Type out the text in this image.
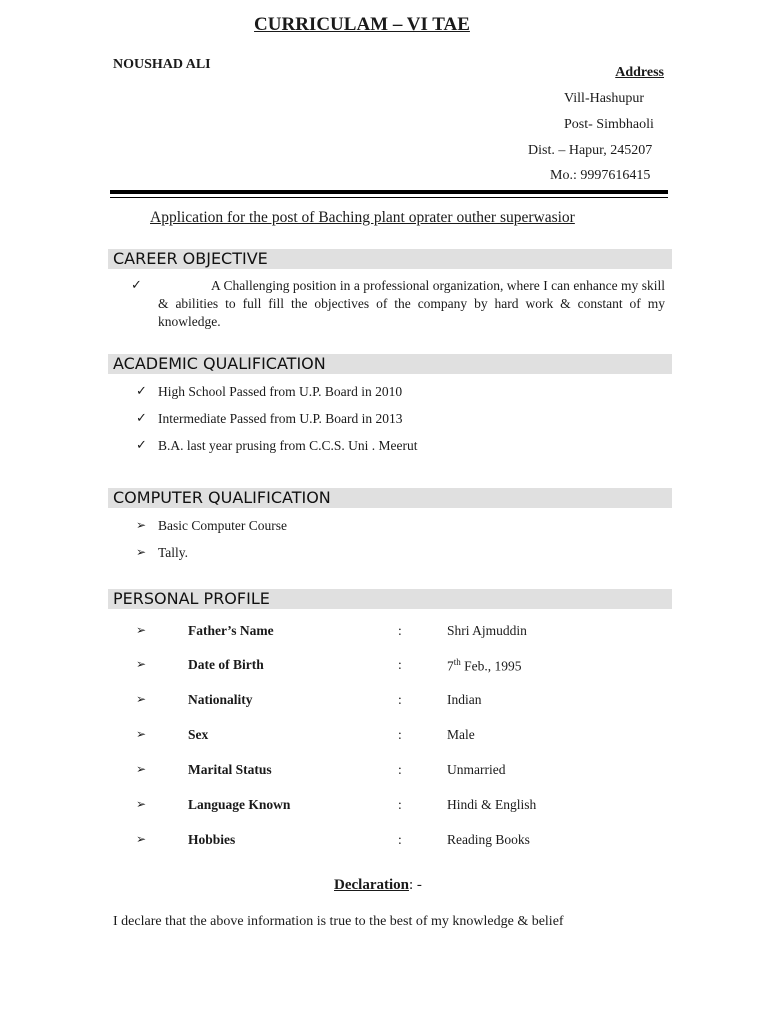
CURRICULAM – VI TAE
NOUSHAD ALI
Address
Vill-Hashupur
Post- Simbhaoli
Dist. – Hapur, 245207
Mo.: 9997616415
Application for the post of Baching plant oprater outher superwasior
CAREER OBJECTIVE
✓	A Challenging position in a professional organization, where I can enhance my skill & abilities to full fill the objectives of the company by hard work & constant of my knowledge.
ACADEMIC QUALIFICATION
✓ High School Passed from U.P. Board in 2010
✓ Intermediate Passed from U.P. Board in 2013
✓ B.A. last year prusing from C.C.S. Uni . Meerut
COMPUTER QUALIFICATION
➢ Basic Computer Course
➢ Tally.
PERSONAL PROFILE
➢	Father’s Name	:	Shri Ajmuddin
➢	Date of Birth	:	7th Feb., 1995
➢	Nationality	:	Indian
➢	Sex	:	Male
➢	Marital Status	:	Unmarried
➢	Language Known	:	Hindi & English
➢	Hobbies	:	Reading Books
Declaration: -
I declare that the above information is true to the best of my knowledge & belief
